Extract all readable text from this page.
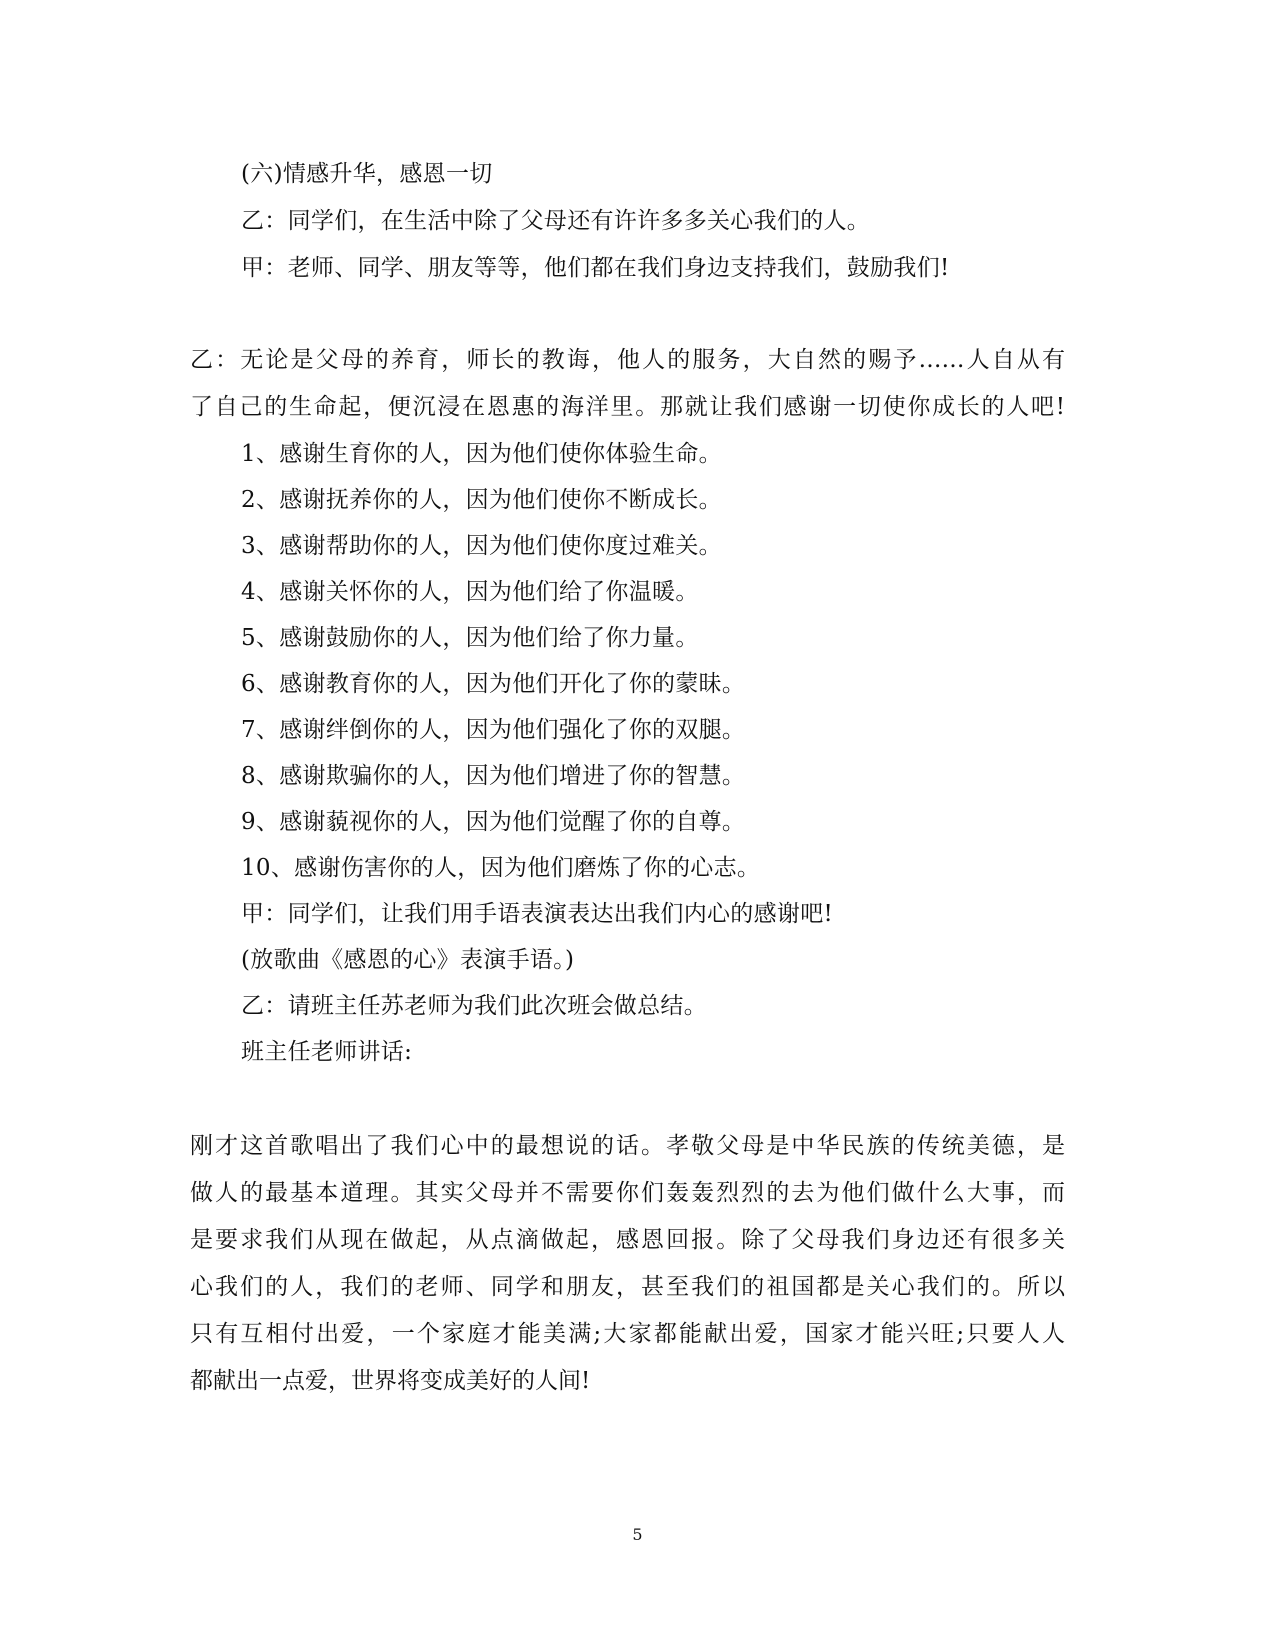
(六)情感升华，感恩一切
乙：同学们，在生活中除了父母还有许许多多关心我们的人。
甲：老师、同学、朋友等等，他们都在我们身边支持我们，鼓励我们!
乙：无论是父母的养育，师长的教诲，他人的服务，大自然的赐予……人自从有
了自己的生命起，便沉浸在恩惠的海洋里。那就让我们感谢一切使你成长的人吧!
1、感谢生育你的人，因为他们使你体验生命。
2、感谢抚养你的人，因为他们使你不断成长。
3、感谢帮助你的人，因为他们使你度过难关。
4、感谢关怀你的人，因为他们给了你温暖。
5、感谢鼓励你的人，因为他们给了你力量。
6、感谢教育你的人，因为他们开化了你的蒙昧。
7、感谢绊倒你的人，因为他们强化了你的双腿。
8、感谢欺骗你的人，因为他们增进了你的智慧。
9、感谢藐视你的人，因为他们觉醒了你的自尊。
10、感谢伤害你的人，因为他们磨炼了你的心志。
甲：同学们，让我们用手语表演表达出我们内心的感谢吧!
(放歌曲《感恩的心》表演手语。)
乙：请班主任苏老师为我们此次班会做总结。
班主任老师讲话:
刚才这首歌唱出了我们心中的最想说的话。孝敬父母是中华民族的传统美德，是
做人的最基本道理。其实父母并不需要你们轰轰烈烈的去为他们做什么大事，而
是要求我们从现在做起，从点滴做起，感恩回报。除了父母我们身边还有很多关
心我们的人，我们的老师、同学和朋友，甚至我们的祖国都是关心我们的。所以
只有互相付出爱，一个家庭才能美满;大家都能献出爱，国家才能兴旺;只要人人
都献出一点爱，世界将变成美好的人间!
5
